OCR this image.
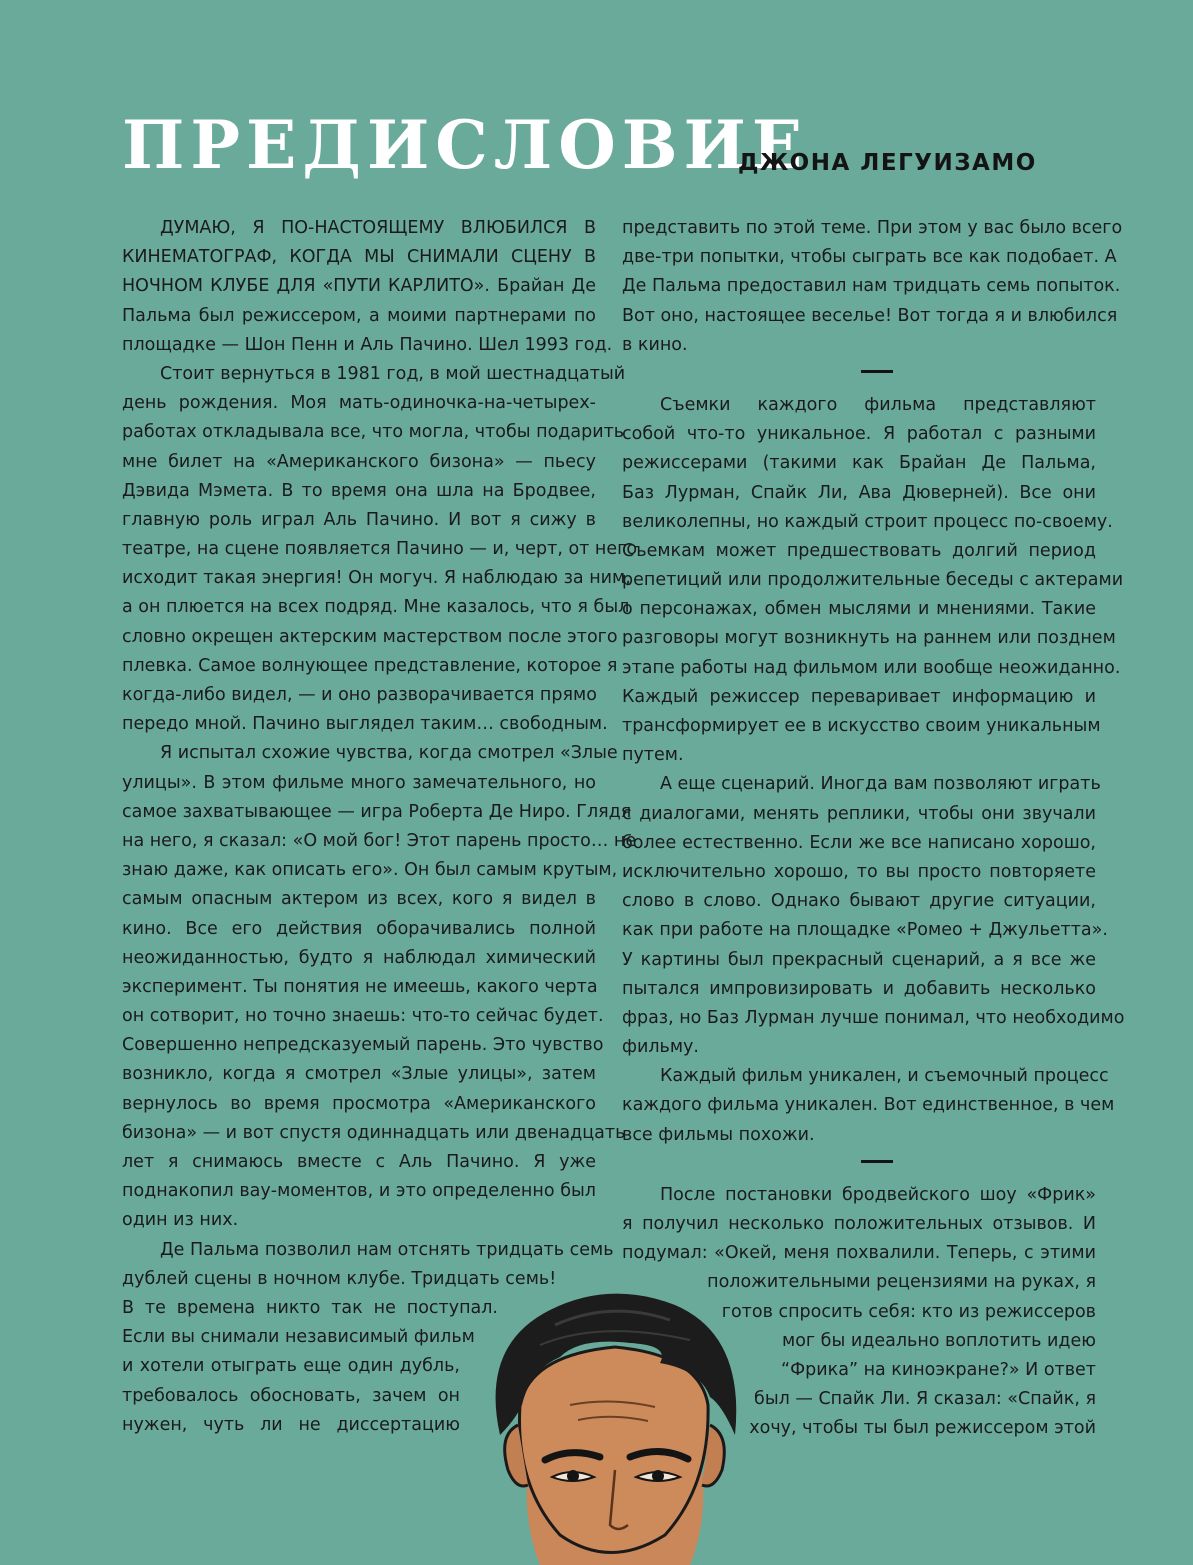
ПРЕДИСЛОВИЕ
ДЖОНА ЛЕГУИЗАМО
ДУМАЮ, Я ПО-НАСТОЯЩЕМУ ВЛЮБИЛСЯ В
КИНЕМАТОГРАФ, КОГДА МЫ СНИМАЛИ СЦЕНУ В
НОЧНОМ КЛУБЕ ДЛЯ «ПУТИ КАРЛИТО». Брайан Де
Пальма был режиссером, а моими партнерами по
площадке — Шон Пенн и Аль Пачино. Шел 1993 год.
Стоит вернуться в 1981 год, в мой шестнадцатый
день рождения. Моя мать-одиночка-на-четырех-
работах откладывала все, что могла, чтобы подарить
мне билет на «Американского бизона» — пьесу
Дэвида Мэмета. В то время она шла на Бродвее,
главную роль играл Аль Пачино. И вот я сижу в
театре, на сцене появляется Пачино — и, черт, от него
исходит такая энергия! Он могуч. Я наблюдаю за ним,
а он плюется на всех подряд. Мне казалось, что я был
словно окрещен актерским мастерством после этого
плевка. Самое волнующее представление, которое я
когда-либо видел, — и оно разворачивается прямо
передо мной. Пачино выглядел таким… свободным.
Я испытал схожие чувства, когда смотрел «Злые
улицы». В этом фильме много замечательного, но
самое захватывающее — игра Роберта Де Ниро. Глядя
на него, я сказал: «О мой бог! Этот парень просто… не
знаю даже, как описать его». Он был самым крутым,
самым опасным актером из всех, кого я видел в
кино. Все его действия оборачивались полной
неожиданностью, будто я наблюдал химический
эксперимент. Ты понятия не имеешь, какого черта
он сотворит, но точно знаешь: что-то сейчас будет.
Совершенно непредсказуемый парень. Это чувство
возникло, когда я смотрел «Злые улицы», затем
вернулось во время просмотра «Американского
бизона» — и вот спустя одиннадцать или двенадцать
лет я снимаюсь вместе с Аль Пачино. Я уже
поднакопил вау-моментов, и это определенно был
один из них.
Де Пальма позволил нам отснять тридцать семь
дублей сцены в ночном клубе. Тридцать семь!
В те времена никто так не поступал.
Если вы снимали независимый фильм
и хотели отыграть еще один дубль,
требовалось обосновать, зачем он
нужен, чуть ли не диссертацию
представить по этой теме. При этом у вас было всего
две-три попытки, чтобы сыграть все как подобает. А
Де Пальма предоставил нам тридцать семь попыток.
Вот оно, настоящее веселье! Вот тогда я и влюбился
в кино.
Съемки каждого фильма представляют
собой что-то уникальное. Я работал с разными
режиссерами (такими как Брайан Де Пальма,
Баз Лурман, Спайк Ли, Ава Дюверней). Все они
великолепны, но каждый строит процесс по-своему.
Съемкам может предшествовать долгий период
репетиций или продолжительные беседы с актерами
о персонажах, обмен мыслями и мнениями. Такие
разговоры могут возникнуть на раннем или позднем
этапе работы над фильмом или вообще неожиданно.
Каждый режиссер переваривает информацию и
трансформирует ее в искусство своим уникальным
путем.
А еще сценарий. Иногда вам позволяют играть
с диалогами, менять реплики, чтобы они звучали
более естественно. Если же все написано хорошо,
исключительно хорошо, то вы просто повторяете
слово в слово. Однако бывают другие ситуации,
как при работе на площадке «Ромео + Джульетта».
У картины был прекрасный сценарий, а я все же
пытался импровизировать и добавить несколько
фраз, но Баз Лурман лучше понимал, что необходимо
фильму.
Каждый фильм уникален, и съемочный процесс
каждого фильма уникален. Вот единственное, в чем
все фильмы похожи.
После постановки бродвейского шоу «Фрик»
я получил несколько положительных отзывов. И
подумал: «Окей, меня похвалили. Теперь, с этими
положительными рецензиями на руках, я
готов спросить себя: кто из режиссеров
мог бы идеально воплотить идею
“Фрика” на киноэкране?» И ответ
был — Спайк Ли. Я сказал: «Спайк, я
хочу, чтобы ты был режиссером этой
